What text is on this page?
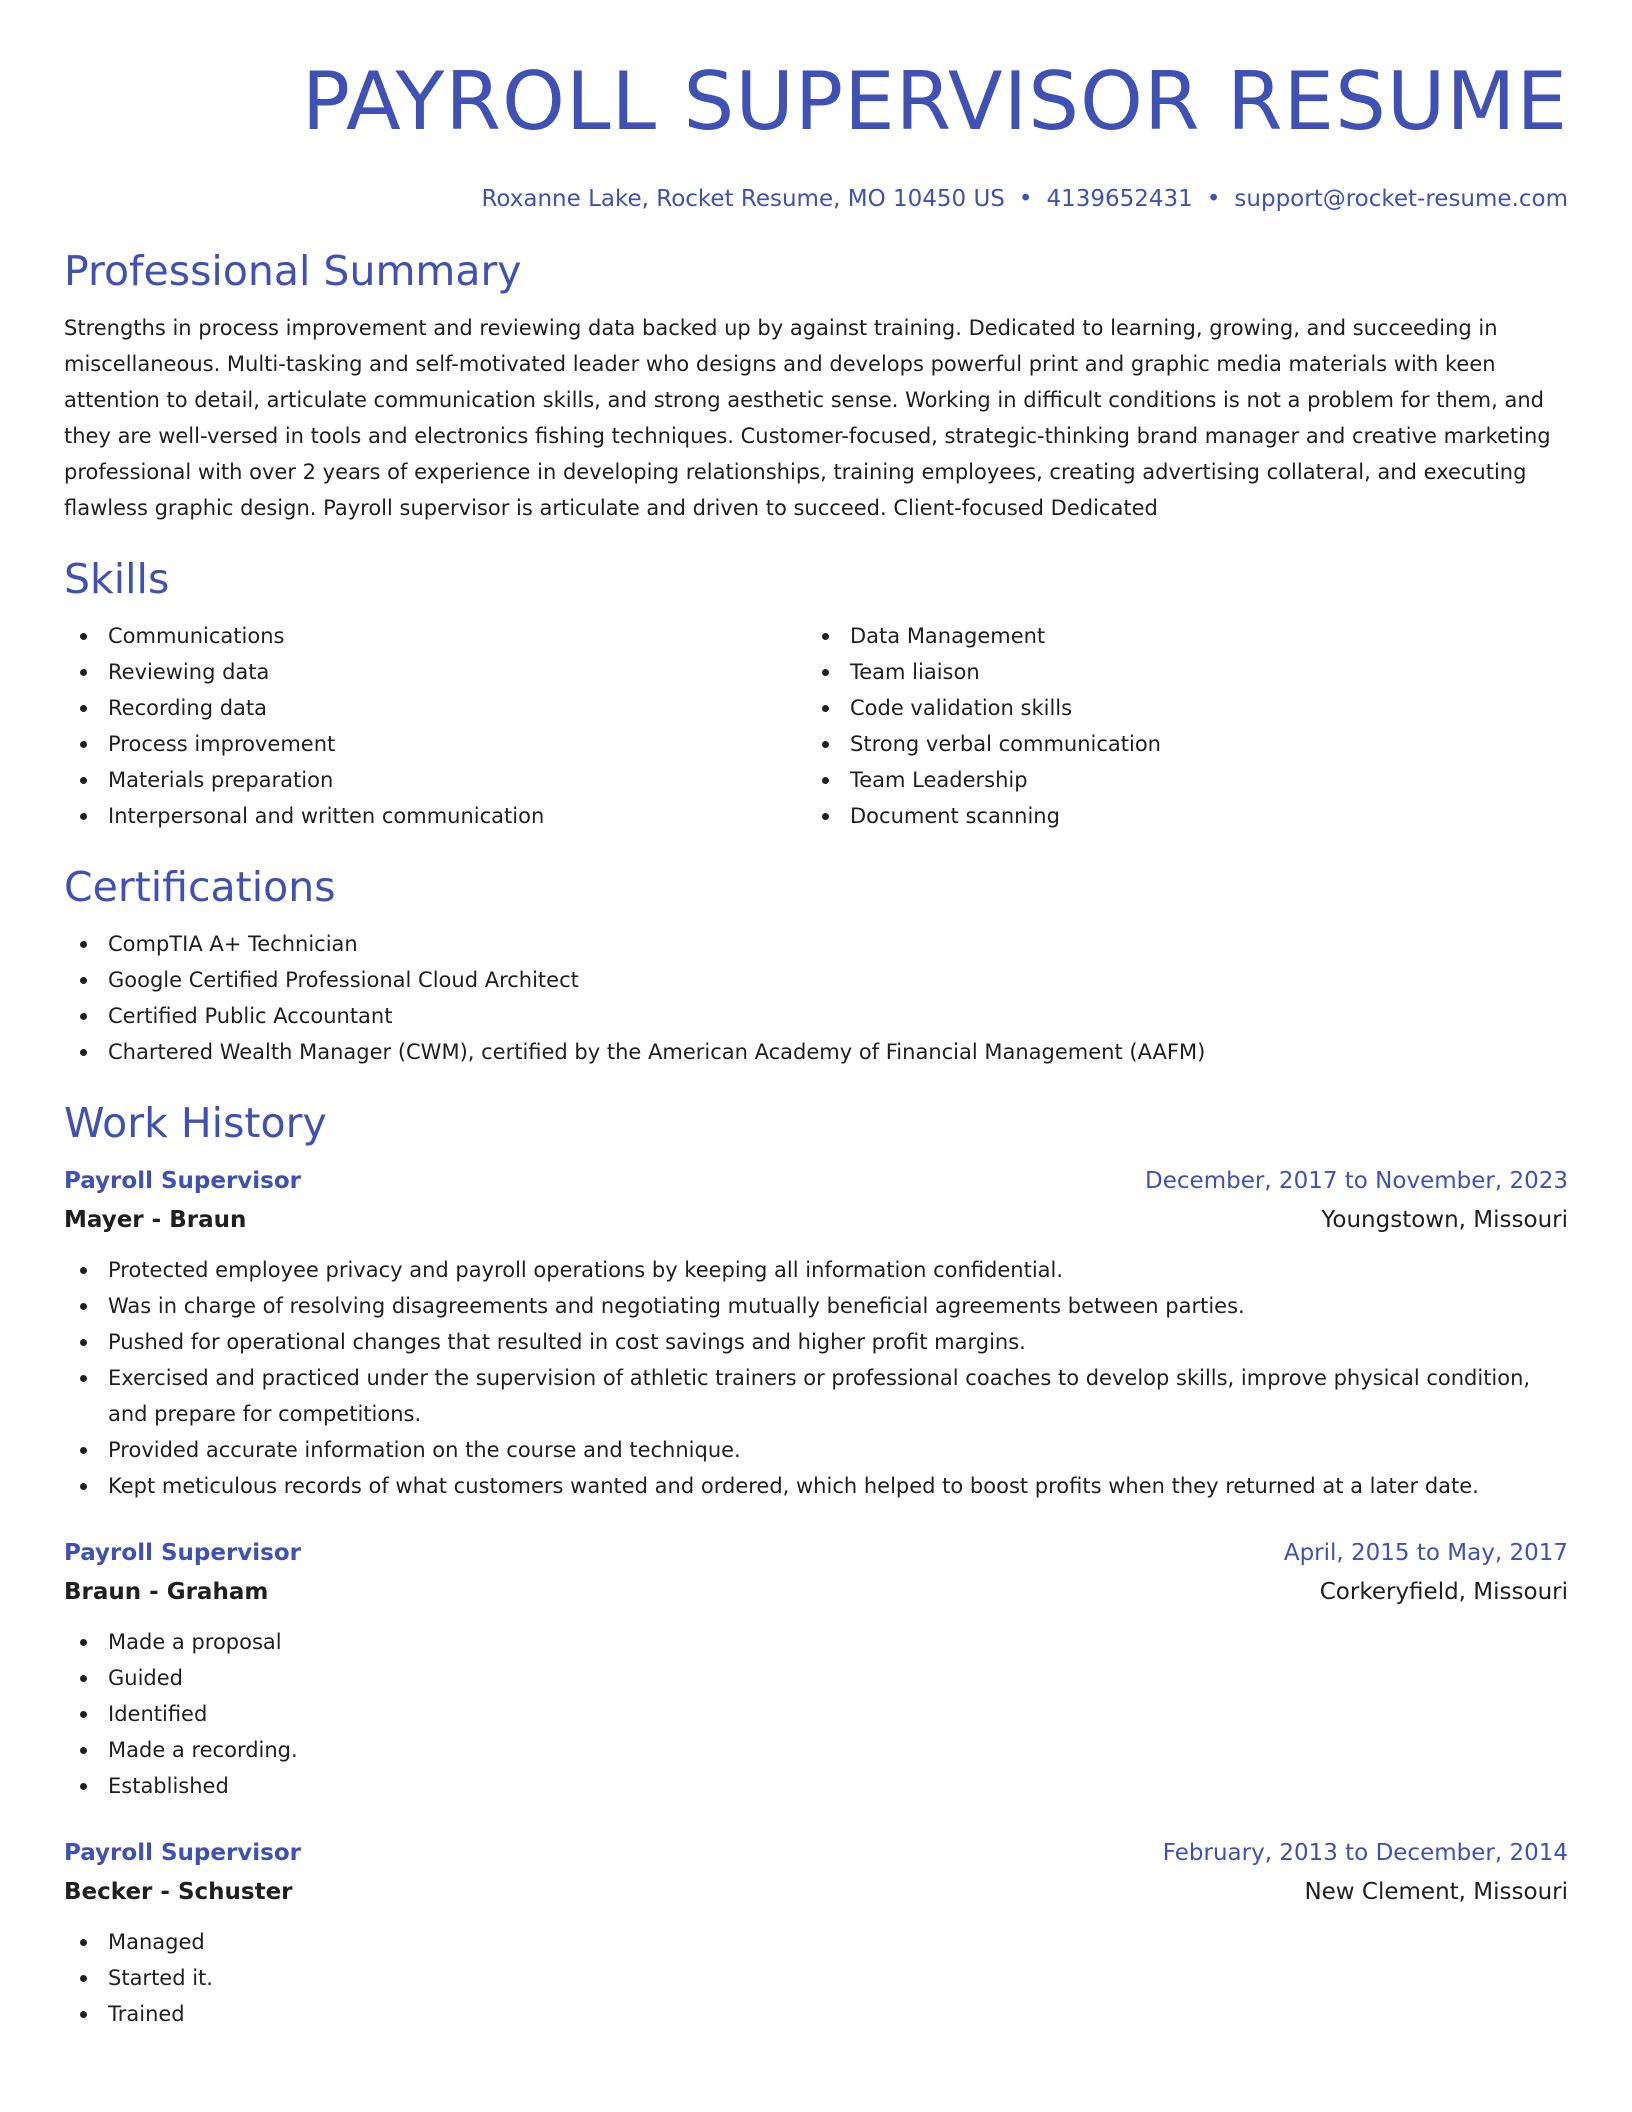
PAYROLL SUPERVISOR RESUME
Roxanne Lake, Rocket Resume, MO 10450 US • 4139652431 • support@rocket-resume.com
Professional Summary

Strengths in process improvement and reviewing data backed up by against training. Dedicated to learning, growing, and succeeding in miscellaneous. Multi-tasking and self-motivated leader who designs and develops powerful print and graphic media materials with keen attention to detail, articulate communication skills, and strong aesthetic sense. Working in difficult conditions is not a problem for them, and they are well-versed in tools and electronics fishing techniques. Customer-focused, strategic-thinking brand manager and creative marketing professional with over 2 years of experience in developing relationships, training employees, creating advertising collateral, and executing flawless graphic design. Payroll supervisor is articulate and driven to succeed. Client-focused Dedicated

Skills
Communications
Reviewing data
Recording data
Process improvement
Materials preparation
Interpersonal and written communication
Data Management
Team liaison
Code validation skills
Strong verbal communication
Team Leadership
Document scanning
Certifications
CompTIA A+ Technician
Google Certified Professional Cloud Architect
Certified Public Accountant
Chartered Wealth Manager (CWM), certified by the American Academy of Financial Management (AAFM)
Work History
Payroll Supervisor	December, 2017 to November, 2023
Mayer - Braun	Youngstown, Missouri
Protected employee privacy and payroll operations by keeping all information confidential.
Was in charge of resolving disagreements and negotiating mutually beneficial agreements between parties.
Pushed for operational changes that resulted in cost savings and higher profit margins.
Exercised and practiced under the supervision of athletic trainers or professional coaches to develop skills, improve physical condition, and prepare for competitions.
Provided accurate information on the course and technique.
Kept meticulous records of what customers wanted and ordered, which helped to boost profits when they returned at a later date.
Payroll Supervisor	April, 2015 to May, 2017
Braun - Graham	Corkeryfield, Missouri
Made a proposal
Guided
Identified
Made a recording.
Established
Payroll Supervisor	February, 2013 to December, 2014
Becker - Schuster	New Clement, Missouri
Managed
Started it.
Trained
